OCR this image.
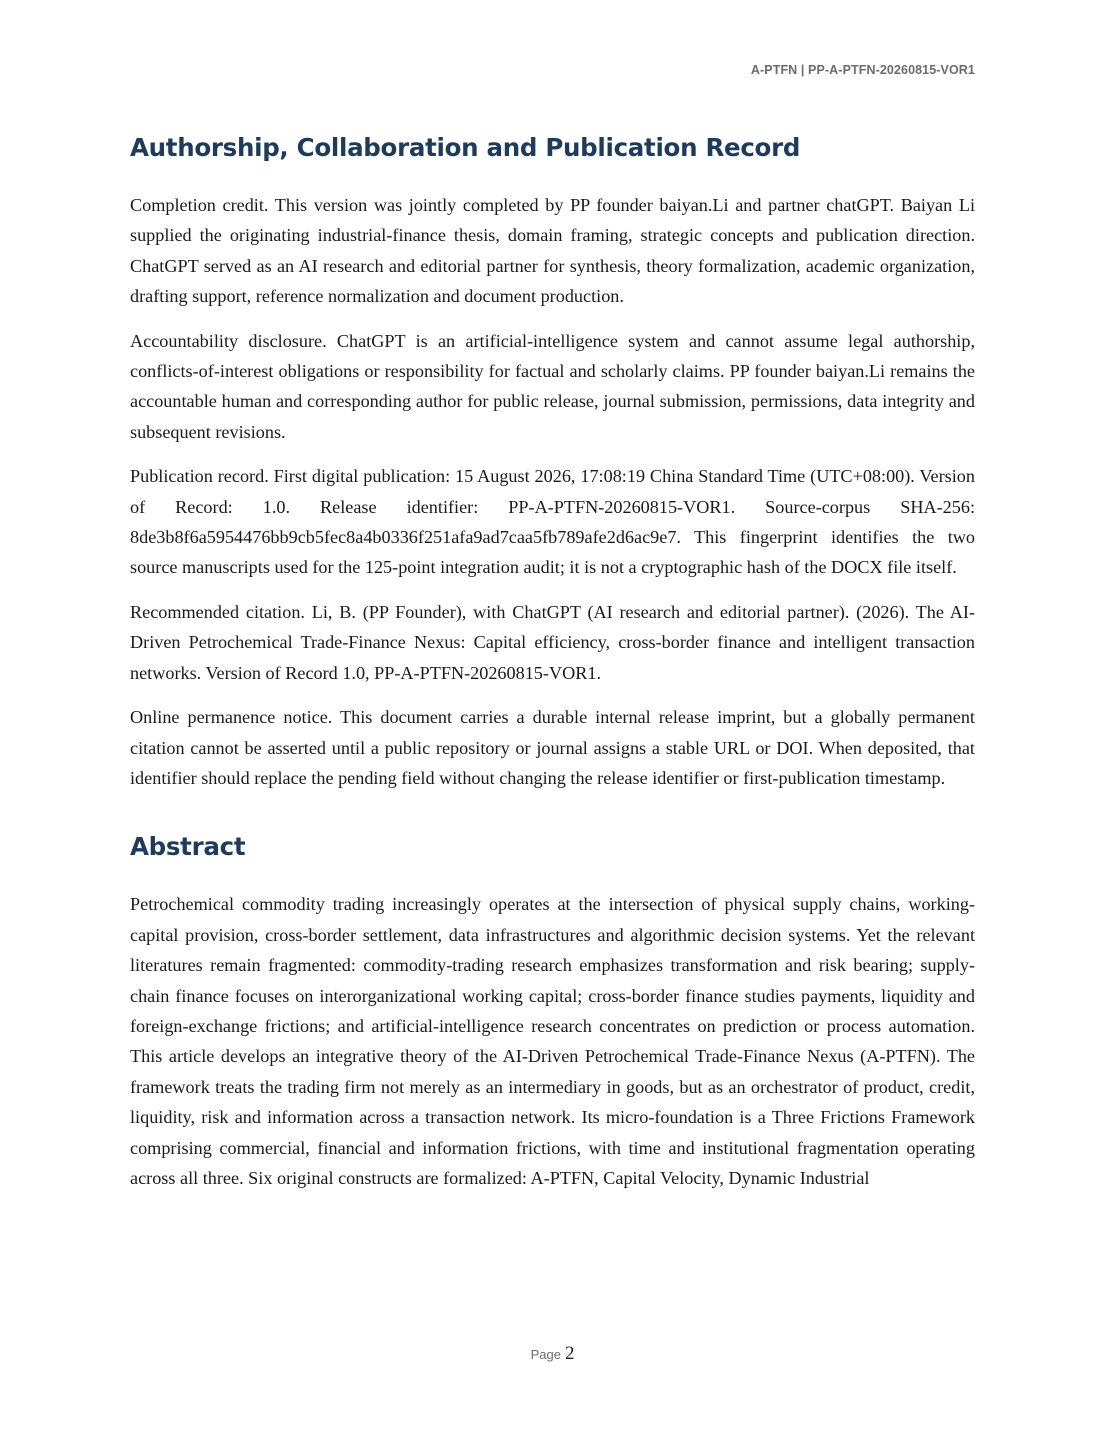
A-PTFN | PP-A-PTFN-20260815-VOR1
Authorship, Collaboration and Publication Record

Completion credit. This version was jointly completed by PP founder baiyan.Li and partner chatGPT. Baiyan Li supplied the originating industrial-finance thesis, domain framing, strategic concepts and publication direction. ChatGPT served as an AI research and editorial partner for synthesis, theory formalization, academic organization, drafting support, reference normalization and document production.

Accountability disclosure. ChatGPT is an artificial-intelligence system and cannot assume legal authorship, conflicts-of-interest obligations or responsibility for factual and scholarly claims. PP founder baiyan.Li remains the accountable human and corresponding author for public release, journal submission, permissions, data integrity and subsequent revisions.

Publication record. First digital publication: 15 August 2026, 17:08:19 China Standard Time (UTC+08:00). Version of Record: 1.0. Release identifier: PP-A-PTFN-20260815-VOR1. Source-corpus SHA-256: 8de3b8f6a5954476bb9cb5fec8a4b0336f251afa9ad7caa5fb789afe2d6ac9e7. This fingerprint identifies the two source manuscripts used for the 125-point integration audit; it is not a cryptographic hash of the DOCX file itself.

Recommended citation. Li, B. (PP Founder), with ChatGPT (AI research and editorial partner). (2026). The AI-Driven Petrochemical Trade-Finance Nexus: Capital efficiency, cross-border finance and intelligent transaction networks. Version of Record 1.0, PP-A-PTFN-20260815-VOR1.

Online permanence notice. This document carries a durable internal release imprint, but a globally permanent citation cannot be asserted until a public repository or journal assigns a stable URL or DOI. When deposited, that identifier should replace the pending field without changing the release identifier or first-publication timestamp.

Abstract

Petrochemical commodity trading increasingly operates at the intersection of physical supply chains, working-capital provision, cross-border settlement, data infrastructures and algorithmic decision systems. Yet the relevant literatures remain fragmented: commodity-trading research emphasizes transformation and risk bearing; supply-chain finance focuses on interorganizational working capital; cross-border finance studies payments, liquidity and foreign-exchange frictions; and artificial-intelligence research concentrates on prediction or process automation. This article develops an integrative theory of the AI-Driven Petrochemical Trade-Finance Nexus (A-PTFN). The framework treats the trading firm not merely as an intermediary in goods, but as an orchestrator of product, credit, liquidity, risk and information across a transaction network. Its micro-foundation is a Three Frictions Framework comprising commercial, financial and information frictions, with time and institutional fragmentation operating across all three. Six original constructs are formalized: A-PTFN, Capital Velocity, Dynamic Industrial

Page 2
